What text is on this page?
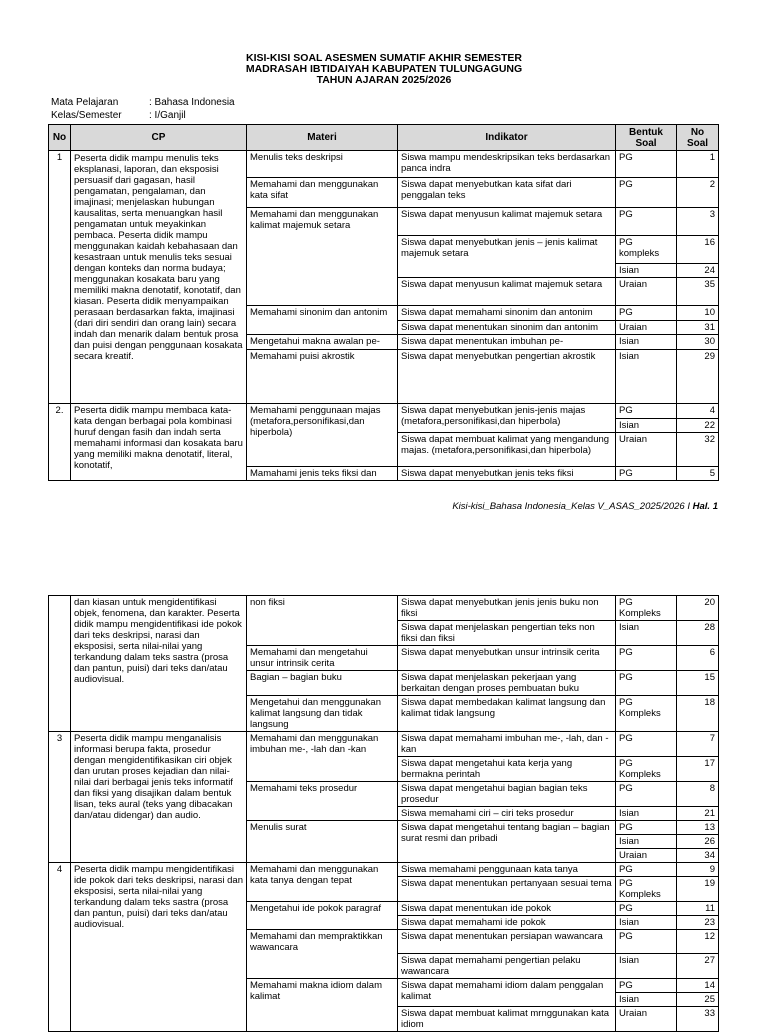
KISI-KISI SOAL ASESMEN SUMATIF AKHIR SEMESTER
MADRASAH IBTIDAIYAH KABUPATEN TULUNGAGUNG
TAHUN AJARAN 2025/2026
Mata Pelajaran	: Bahasa Indonesia
Kelas/Semester	: I/Ganjil
No	CP	Materi	Indikator	Bentuk Soal	No Soal
1	Peserta didik mampu menulis teks eksplanasi, laporan, dan eksposisi persuasif dari gagasan, hasil pengamatan, pengalaman, dan imajinasi; menjelaskan hubungan kausalitas, serta menuangkan hasil pengamatan untuk meyakinkan pembaca. Peserta didik mampu menggunakan kaidah kebahasaan dan kesastraan untuk menulis teks sesuai dengan konteks dan norma budaya; menggunakan kosakata baru yang memiliki makna denotatif, konotatif, dan kiasan. Peserta didik menyampaikan perasaan berdasarkan fakta, imajinasi (dari diri sendiri dan orang lain) secara indah dan menarik dalam bentuk prosa dan puisi dengan penggunaan kosakata secara kreatif.	Menulis teks deskripsi	Siswa mampu mendeskripsikan teks berdasarkan panca indra	PG	1
		Memahami dan menggunakan kata sifat	Siswa dapat menyebutkan kata sifat dari penggalan teks	PG	2
		Memahami dan menggunakan kalimat majemuk setara	Siswa dapat menyusun kalimat majemuk setara	PG	3
			Siswa dapat menyebutkan jenis – jenis kalimat majemuk setara	PG kompleks	16
				Isian	24
			Siswa dapat menyusun kalimat majemuk setara	Uraian	35
		Memahami sinonim dan antonim	Siswa dapat memahami sinonim dan antonim	PG	10
			Siswa dapat menentukan sinonim dan antonim	Uraian	31
		Mengetahui makna awalan pe-	Siswa dapat menentukan imbuhan pe-	Isian	30
		Memahami puisi akrostik	Siswa dapat menyebutkan pengertian akrostik	Isian	29
2.	Peserta didik mampu membaca kata-kata dengan berbagai pola kombinasi huruf dengan fasih dan indah serta memahami informasi dan kosakata baru yang memiliki makna denotatif, literal, konotatif,	Memahami penggunaan majas (metafora,personifikasi,dan hiperbola)	Siswa dapat menyebutkan jenis-jenis majas (metafora,personifikasi,dan hiperbola)	PG	4
				Isian	22
			Siswa dapat membuat kalimat yang mengandung majas. (metafora,personifikasi,dan hiperbola)	Uraian	32

		Mamahami jenis teks fiksi dan	Siswa dapat menyebutkan jenis teks fiksi	PG	5
Kisi-kisi_Bahasa Indonesia_Kelas V_ASAS_2025/2026 I Hal. 1
	dan kiasan untuk mengidentifikasi objek, fenomena, dan karakter. Peserta didik mampu mengidentifikasi ide pokok dari teks deskripsi, narasi dan eksposisi, serta nilai-nilai yang terkandung dalam teks sastra (prosa dan pantun, puisi) dari teks dan/atau audiovisual.	non fiksi	Siswa dapat menyebutkan jenis jenis buku non fiksi	PG Kompleks	20
			Siswa dapat menjelaskan pengertian teks non fiksi dan fiksi	Isian	28
		Memahami dan mengetahui unsur intrinsik cerita	Siswa dapat menyebutkan unsur intrinsik cerita	PG	6
		Bagian – bagian buku	Siswa dapat menjelaskan pekerjaan yang berkaitan dengan proses pembuatan buku	PG	15
		Mengetahui dan menggunakan kalimat langsung dan tidak langsung	Siswa dapat membedakan kalimat langsung dan kalimat tidak langsung	PG Kompleks	18

3	Peserta didik mampu menganalisis informasi berupa fakta, prosedur dengan mengidentifikasikan ciri objek dan urutan proses kejadian dan nilai-nilai dari berbagai jenis teks informatif dan fiksi yang disajikan dalam bentuk lisan, teks aural (teks yang dibacakan dan/atau didengar) dan audio.	Memahami dan menggunakan imbuhan me-, -lah dan -kan	Siswa dapat memahami imbuhan me-, -lah, dan -kan	PG	7
			Siswa dapat mengetahui kata kerja yang bermakna perintah	PG Kompleks	17
		Memahami teks prosedur	Siswa dapat mengetahui bagian bagian teks prosedur	PG	8
			Siswa memahami ciri – ciri teks prosedur	Isian	21
		Menulis surat	Siswa dapat mengetahui tentang bagian – bagian surat resmi dan pribadi	PG	13
				Isian	26
				Uraian	34
4	Peserta didik mampu mengidentifikasi ide pokok dari teks deskripsi, narasi dan eksposisi, serta nilai-nilai yang terkandung dalam teks sastra (prosa dan pantun, puisi) dari teks dan/atau audiovisual.	Memahami dan menggunakan kata tanya dengan tepat	Siswa memahami penggunaan kata tanya	PG	9
			Siswa dapat menentukan pertanyaan sesuai tema	PG Kompleks	19
		Mengetahui ide pokok paragraf	Siswa dapat menentukan ide pokok	PG	11
			Siswa dapat memahami ide pokok	Isian	23
		Memahami dan mempraktikkan wawancara	Siswa dapat menentukan persiapan wawancara	PG	12
			Siswa dapat memahami pengertian pelaku wawancara	Isian	27
		Memahami makna idiom dalam kalimat	Siswa dapat memahami idiom dalam penggalan kalimat	PG	14
				Isian	25
			Siswa dapat membuat kalimat mrnggunakan kata idiom	Uraian	33
